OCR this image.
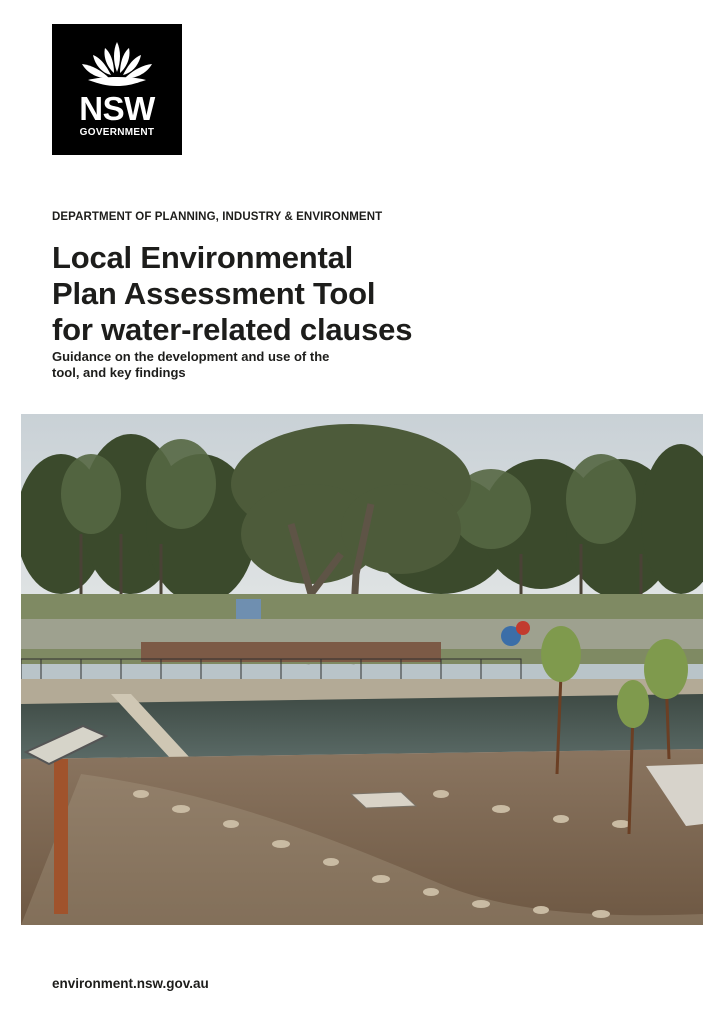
NSW
GOVERNMENT
DEPARTMENT OF PLANNING, INDUSTRY & ENVIRONMENT
Local Environmental
Plan Assessment Tool
for water-related clauses

Guidance on the development and use of the
tool, and key findings

environment.nsw.gov.au
